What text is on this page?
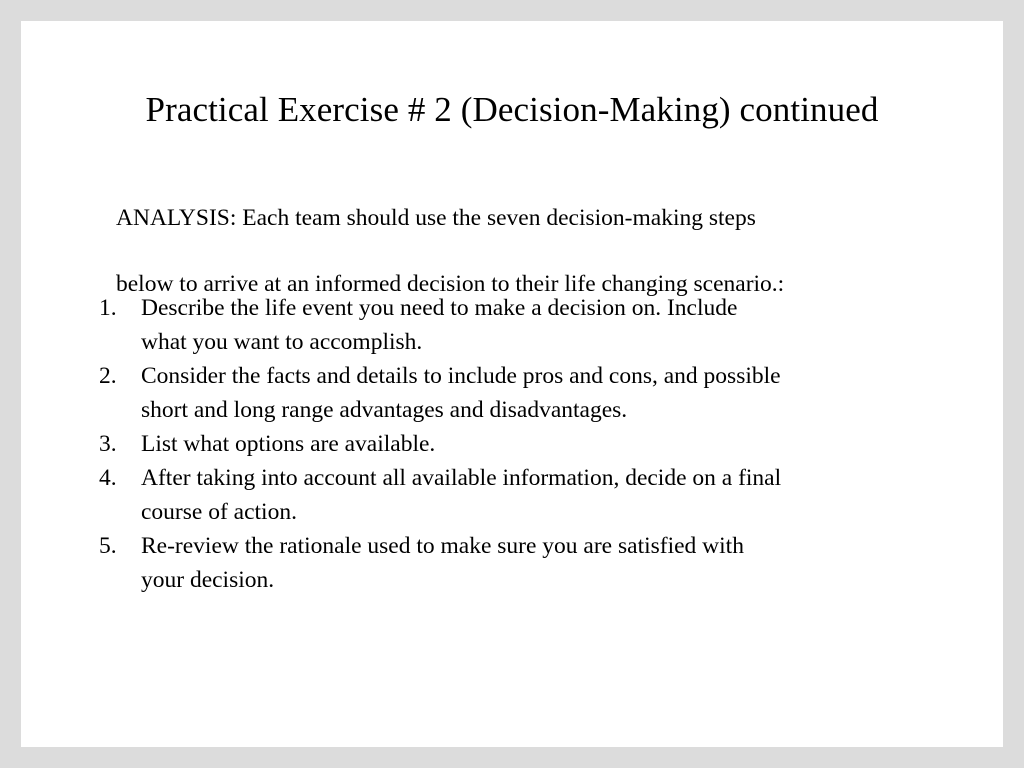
Practical Exercise # 2 (Decision-Making) continued

ANALYSIS: Each team should use the seven decision-making steps

below to arrive at an informed decision to their life changing scenario.:

1.	Describe the life event you need to make a decision on. Include
what you want to accomplish.
2.	Consider the facts and details to include pros and cons, and possible
short and long range advantages and disadvantages.
3.	List what options are available.
4.	After taking into account all available information, decide on a final
course of action.
5.	Re-review the rationale used to make sure you are satisfied with
your decision.
